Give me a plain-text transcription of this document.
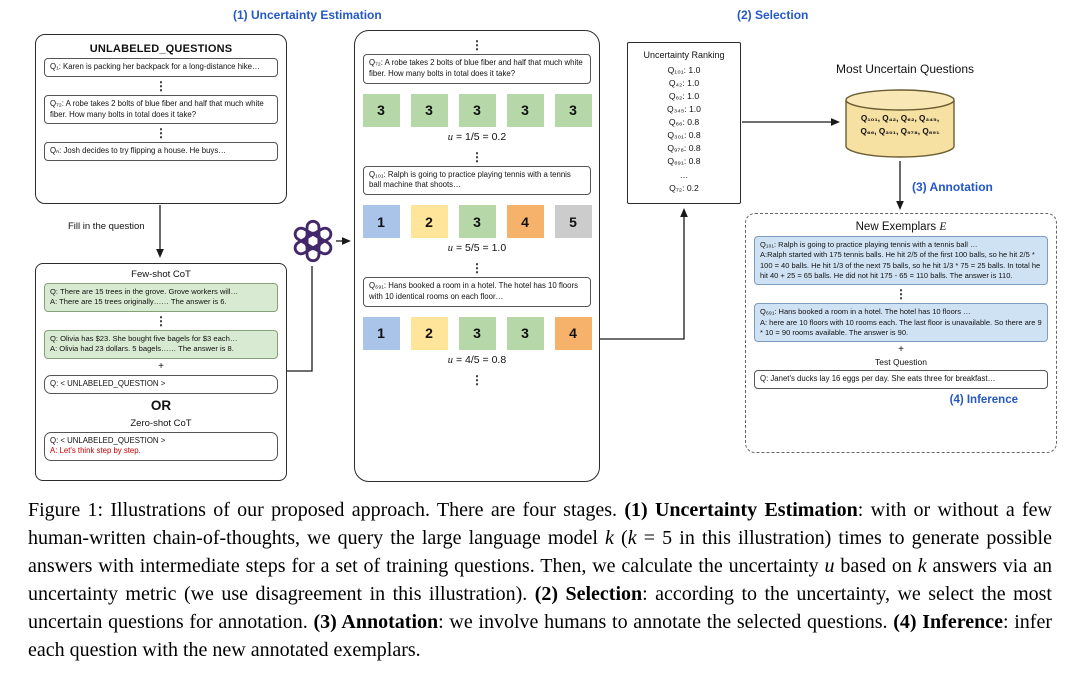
(1) Uncertainty Estimation	(2) Selection
(3) Annotation
UNLABELED_QUESTIONS
Q₁: Karen is packing her backpack for a long-distance hike…
⋮
Q₇₂: A robe takes 2 bolts of blue fiber and half that much white fiber. How many bolts in total does it take?
⋮
Qₙ: Josh decides to try flipping a house. He buys…
Fill in the question
Few-shot CoT
Q: There are 15 trees in the grove. Grove workers will…
A: There are 15 trees originally…… The answer is 6.
⋮
Q: Olivia has $23. She bought five bagels for $3 each…
A: Olivia had 23 dollars. 5 bagels…… The answer is 8.
+
Q: < UNLABELED_QUESTION >
OR
Zero-shot CoT
Q: < UNLABELED_QUESTION >
A: Let's think step by step.
⋮
Q₇₂: A robe takes 2 bolts of blue fiber and half that much white fiber. How many bolts in total does it take?
3	3	3	3	3
u = 1/5 = 0.2
⋮
Q₁₀₁: Ralph is going to practice playing tennis with a tennis ball machine that shoots…
1	2	3	4	5
u = 5/5 = 1.0
⋮
Q₆₉₁: Hans booked a room in a hotel. The hotel has 10 floors with 10 identical rooms on each floor…
1	2	3	3	4
u = 4/5 = 0.8
⋮
Uncertainty Ranking
Q₁₀₁: 1.0
Q₄₂: 1.0
Q₆₂: 1.0
Q₃₄₅: 1.0
Q₆₆: 0.8
Q₃₀₁: 0.8
Q₉₇₈: 0.8
Q₆₉₁: 0.8
…
Q₇₂: 0.2
Most Uncertain Questions
Q₁₀₁, Q₄₂, Q₆₂, Q₃₄₅,
Q₆₆, Q₃₀₁, Q₉₇₈, Q₆₉₁
New Exemplars E
Q₁₀₁: Ralph is going to practice playing tennis with a tennis ball …
A:Ralph started with 175 tennis balls. He hit 2/5 of the first 100 balls, so he hit 2/5 * 100 = 40 balls. He hit 1/3 of the next 75 balls, so he hit 1/3 * 75 = 25 balls. In total he hit 40 + 25 = 65 balls. He did not hit 175 - 65 = 110 balls. The answer is 110.
⋮
Q₆₉₁: Hans booked a room in a hotel. The hotel has 10 floors …
A: here are 10 floors with 10 rooms each. The last floor is unavailable. So there are 9 * 10 = 90 rooms available. The answer is 90.
+
Test Question
Q: Janet's ducks lay 16 eggs per day. She eats three for breakfast…
(4) Inference

Figure 1: Illustrations of our proposed approach. There are four stages. (1) Uncertainty Estimation: with or without a few human-written chain-of-thoughts, we query the large language model k (k = 5 in this illustration) times to generate possible answers with intermediate steps for a set of training questions. Then, we calculate the uncertainty u based on k answers via an uncertainty metric (we use disagreement in this illustration). (2) Selection: according to the uncertainty, we select the most uncertain questions for annotation. (3) Annotation: we involve humans to annotate the selected questions. (4) Inference: infer each question with the new annotated exemplars.
